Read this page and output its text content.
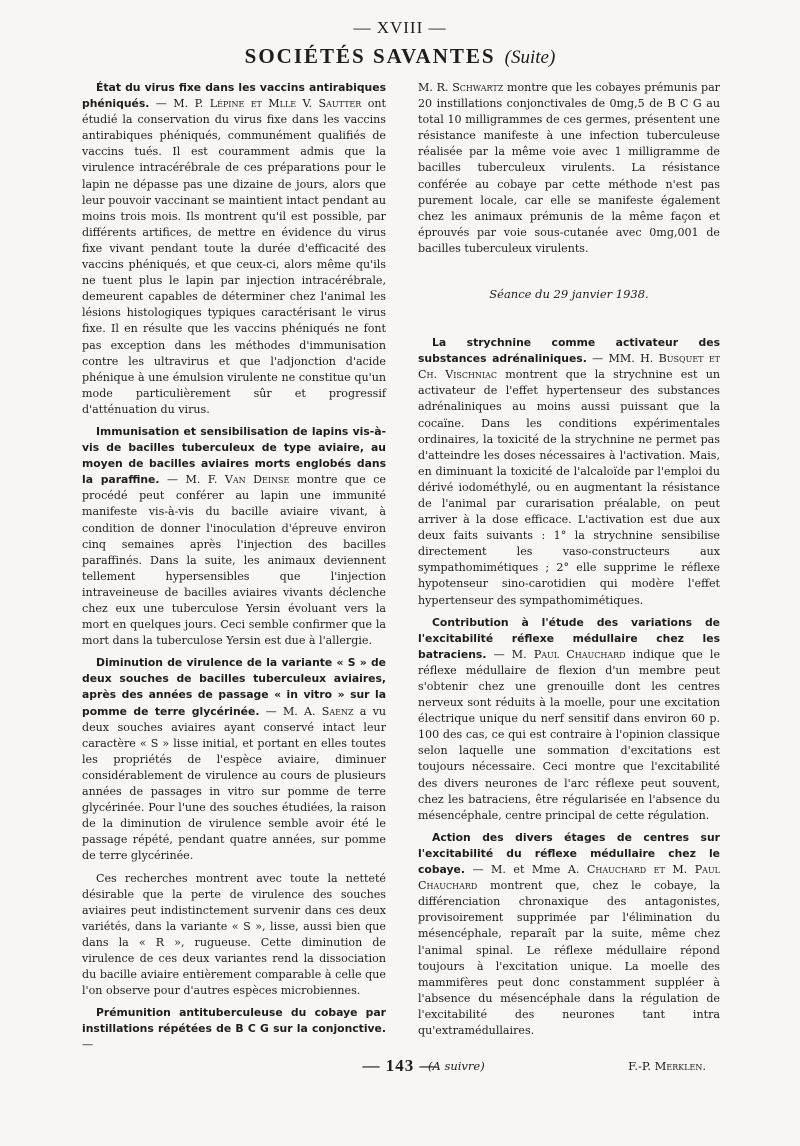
— XVIII —
SOCIÉTÉS SAVANTES (Suite)

État du virus fixe dans les vaccins antirabiques phéniqués. — M. P. Lépine et Mlle V. Sautter ont étudié la conservation du virus fixe dans les vaccins antirabiques phéniqués, communément qualifiés de vaccins tués. Il est couramment admis que la virulence intracérébrale de ces préparations pour le lapin ne dépasse pas une dizaine de jours, alors que leur pouvoir vaccinant se maintient intact pendant au moins trois mois. Ils montrent qu'il est possible, par différents artifices, de mettre en évidence du virus fixe vivant pendant toute la durée d'efficacité des vaccins phéniqués, et que ceux-ci, alors même qu'ils ne tuent plus le lapin par injection intracérébrale, demeurent capables de déterminer chez l'animal les lésions histologiques typiques caractérisant le virus fixe. Il en résulte que les vaccins phéniqués ne font pas exception dans les méthodes d'immunisation contre les ultravirus et que l'adjonction d'acide phénique à une émulsion virulente ne constitue qu'un mode particulièrement sûr et progressif d'atténuation du virus.

Immunisation et sensibilisation de lapins vis-à-vis de bacilles tuberculeux de type aviaire, au moyen de bacilles aviaires morts englobés dans la paraffine. — M. F. Van Deinse montre que ce procédé peut conférer au lapin une immunité manifeste vis-à-vis du bacille aviaire vivant, à condition de donner l'inoculation d'épreuve environ cinq semaines après l'injection des bacilles paraffinés. Dans la suite, les animaux deviennent tellement hypersensibles que l'injection intraveineuse de bacilles aviaires vivants déclenche chez eux une tuberculose Yersin évoluant vers la mort en quelques jours. Ceci semble confirmer que la mort dans la tuberculose Yersin est due à l'allergie.

Diminution de virulence de la variante « S » de deux souches de bacilles tuberculeux aviaires, après des années de passage « in vitro » sur la pomme de terre glycérinée. — M. A. Saenz a vu deux souches aviaires ayant conservé intact leur caractère « S » lisse initial, et portant en elles toutes les propriétés de l'espèce aviaire, diminuer considérablement de virulence au cours de plusieurs années de passages in vitro sur pomme de terre glycérinée. Pour l'une des souches étudiées, la raison de la diminution de virulence semble avoir été le passage répété, pendant quatre années, sur pomme de terre glycérinée.

Ces recherches montrent avec toute la netteté désirable que la perte de virulence des souches aviaires peut indistinctement survenir dans ces deux variétés, dans la variante « S », lisse, aussi bien que dans la « R », rugueuse. Cette diminution de virulence de ces deux variantes rend la dissociation du bacille aviaire entièrement comparable à celle que l'on observe pour d'autres espèces microbiennes.

Prémunition antituberculeuse du cobaye par instillations répétées de B C G sur la conjonctive. —

M. R. Schwartz montre que les cobayes prémunis par 20 instillations conjonctivales de 0mg,5 de B C G au total 10 milligrammes de ces germes, présentent une résistance manifeste à une infection tuberculeuse réalisée par la même voie avec 1 milligramme de bacilles tuberculeux virulents. La résistance conférée au cobaye par cette méthode n'est pas purement locale, car elle se manifeste également chez les animaux prémunis de la même façon et éprouvés par voie sous-cutanée avec 0mg,001 de bacilles tuberculeux virulents.

Séance du 29 janvier 1938.

La strychnine comme activateur des substances adrénaliniques. — MM. H. Busquet et Ch. Vischniac montrent que la strychnine est un activateur de l'effet hypertenseur des substances adrénaliniques au moins aussi puissant que la cocaïne. Dans les conditions expérimentales ordinaires, la toxicité de la strychnine ne permet pas d'atteindre les doses nécessaires à l'activation. Mais, en diminuant la toxicité de l'alcaloïde par l'emploi du dérivé iodométhylé, ou en augmentant la résistance de l'animal par curarisation préalable, on peut arriver à la dose efficace. L'activation est due aux deux faits suivants : 1° la strychnine sensibilise directement les vaso-constructeurs aux sympathomimétiques ; 2° elle supprime le réflexe hypotenseur sino-carotidien qui modère l'effet hypertenseur des sympathomimétiques.

Contribution à l'étude des variations de l'excitabilité réflexe médullaire chez les batraciens. — M. Paul Chauchard indique que le réflexe médullaire de flexion d'un membre peut s'obtenir chez une grenouille dont les centres nerveux sont réduits à la moelle, pour une excitation électrique unique du nerf sensitif dans environ 60 p. 100 des cas, ce qui est contraire à l'opinion classique selon laquelle une sommation d'excitations est toujours nécessaire. Ceci montre que l'excitabilité des divers neurones de l'arc réflexe peut souvent, chez les batraciens, être régularisée en l'absence du mésencéphale, centre principal de cette régulation.

Action des divers étages de centres sur l'excitabilité du réflexe médullaire chez le cobaye. — M. et Mme A. Chauchard et M. Paul Chauchard montrent que, chez le cobaye, la différenciation chronaxique des antagonistes, provisoirement supprimée par l'élimination du mésencéphale, reparaît par la suite, même chez l'animal spinal. Le réflexe médullaire répond toujours à l'excitation unique. La moelle des mammifères peut donc constamment suppléer à l'absence du mésencéphale dans la régulation de l'excitabilité des neurones tant intra qu'extramédullaires.

(A suivre)	F.-P. Merklen.
— 143 —
